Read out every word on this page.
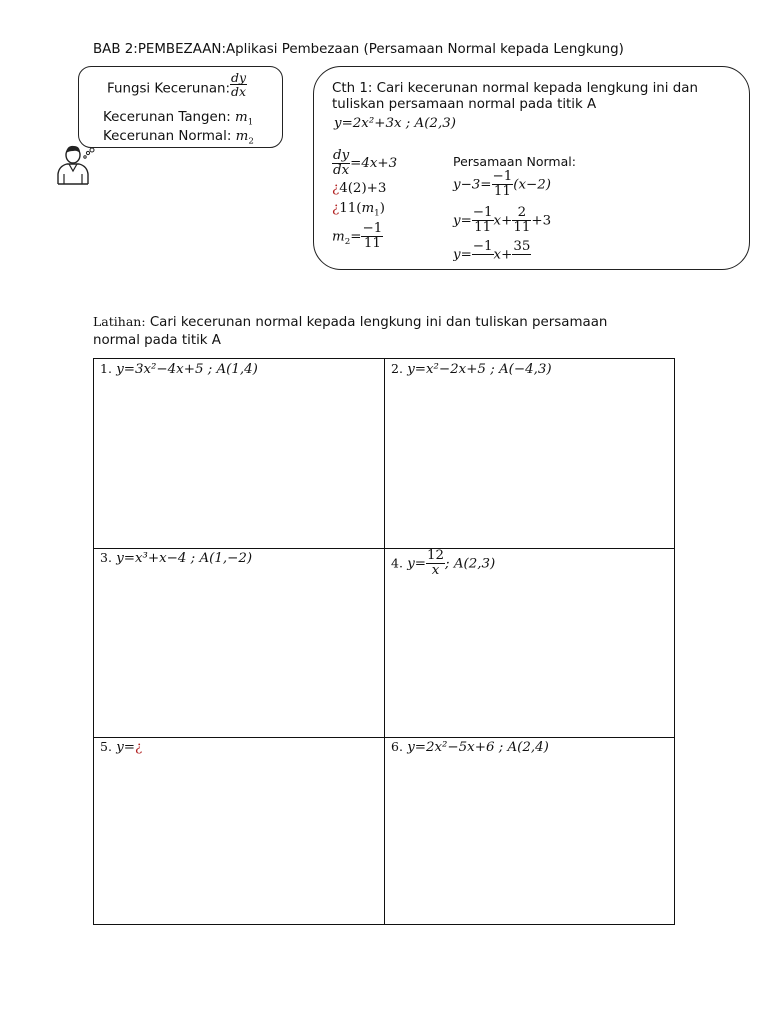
BAB 2:PEMBEZAAN:Aplikasi Pembezaan (Persamaan Normal kepada Lengkung)
Fungsi Kecerunan: $\frac{dy}{dx}$
Kecerunan Tangen: $m_1$
Kecerunan Normal: $m_2$
Cth 1: Cari kecerunan normal kepada lengkung ini dan
tuliskan persamaan normal pada titik A
y=2x²+3x ; A(2,3)
$\frac{dy}{dx} =4x+3$
¿4(2)+3
¿$11(m_1)$
$m_2= \frac{-1}{11}$
Persamaan Normal:
$y-3= \frac{-1}{11} (x-2)$
$y= \frac{-1}{11} x+ \frac{2}{11} +3$
y=
−1

x+
35

Latihan: Cari kecerunan normal kepada lengkung ini dan tuliskan persamaan normal pada titik A
1. y=3x²−4x+5 ; A(1,4)	2. y=x²−2x+5 ; A(−4,3)
3. y=x³+x−4 ; A(1,−2)	4. $y= \frac{12}{x}$ ; A(2,3)
5. y=¿	6. y=2x²−5x+6 ; A(2,4)
